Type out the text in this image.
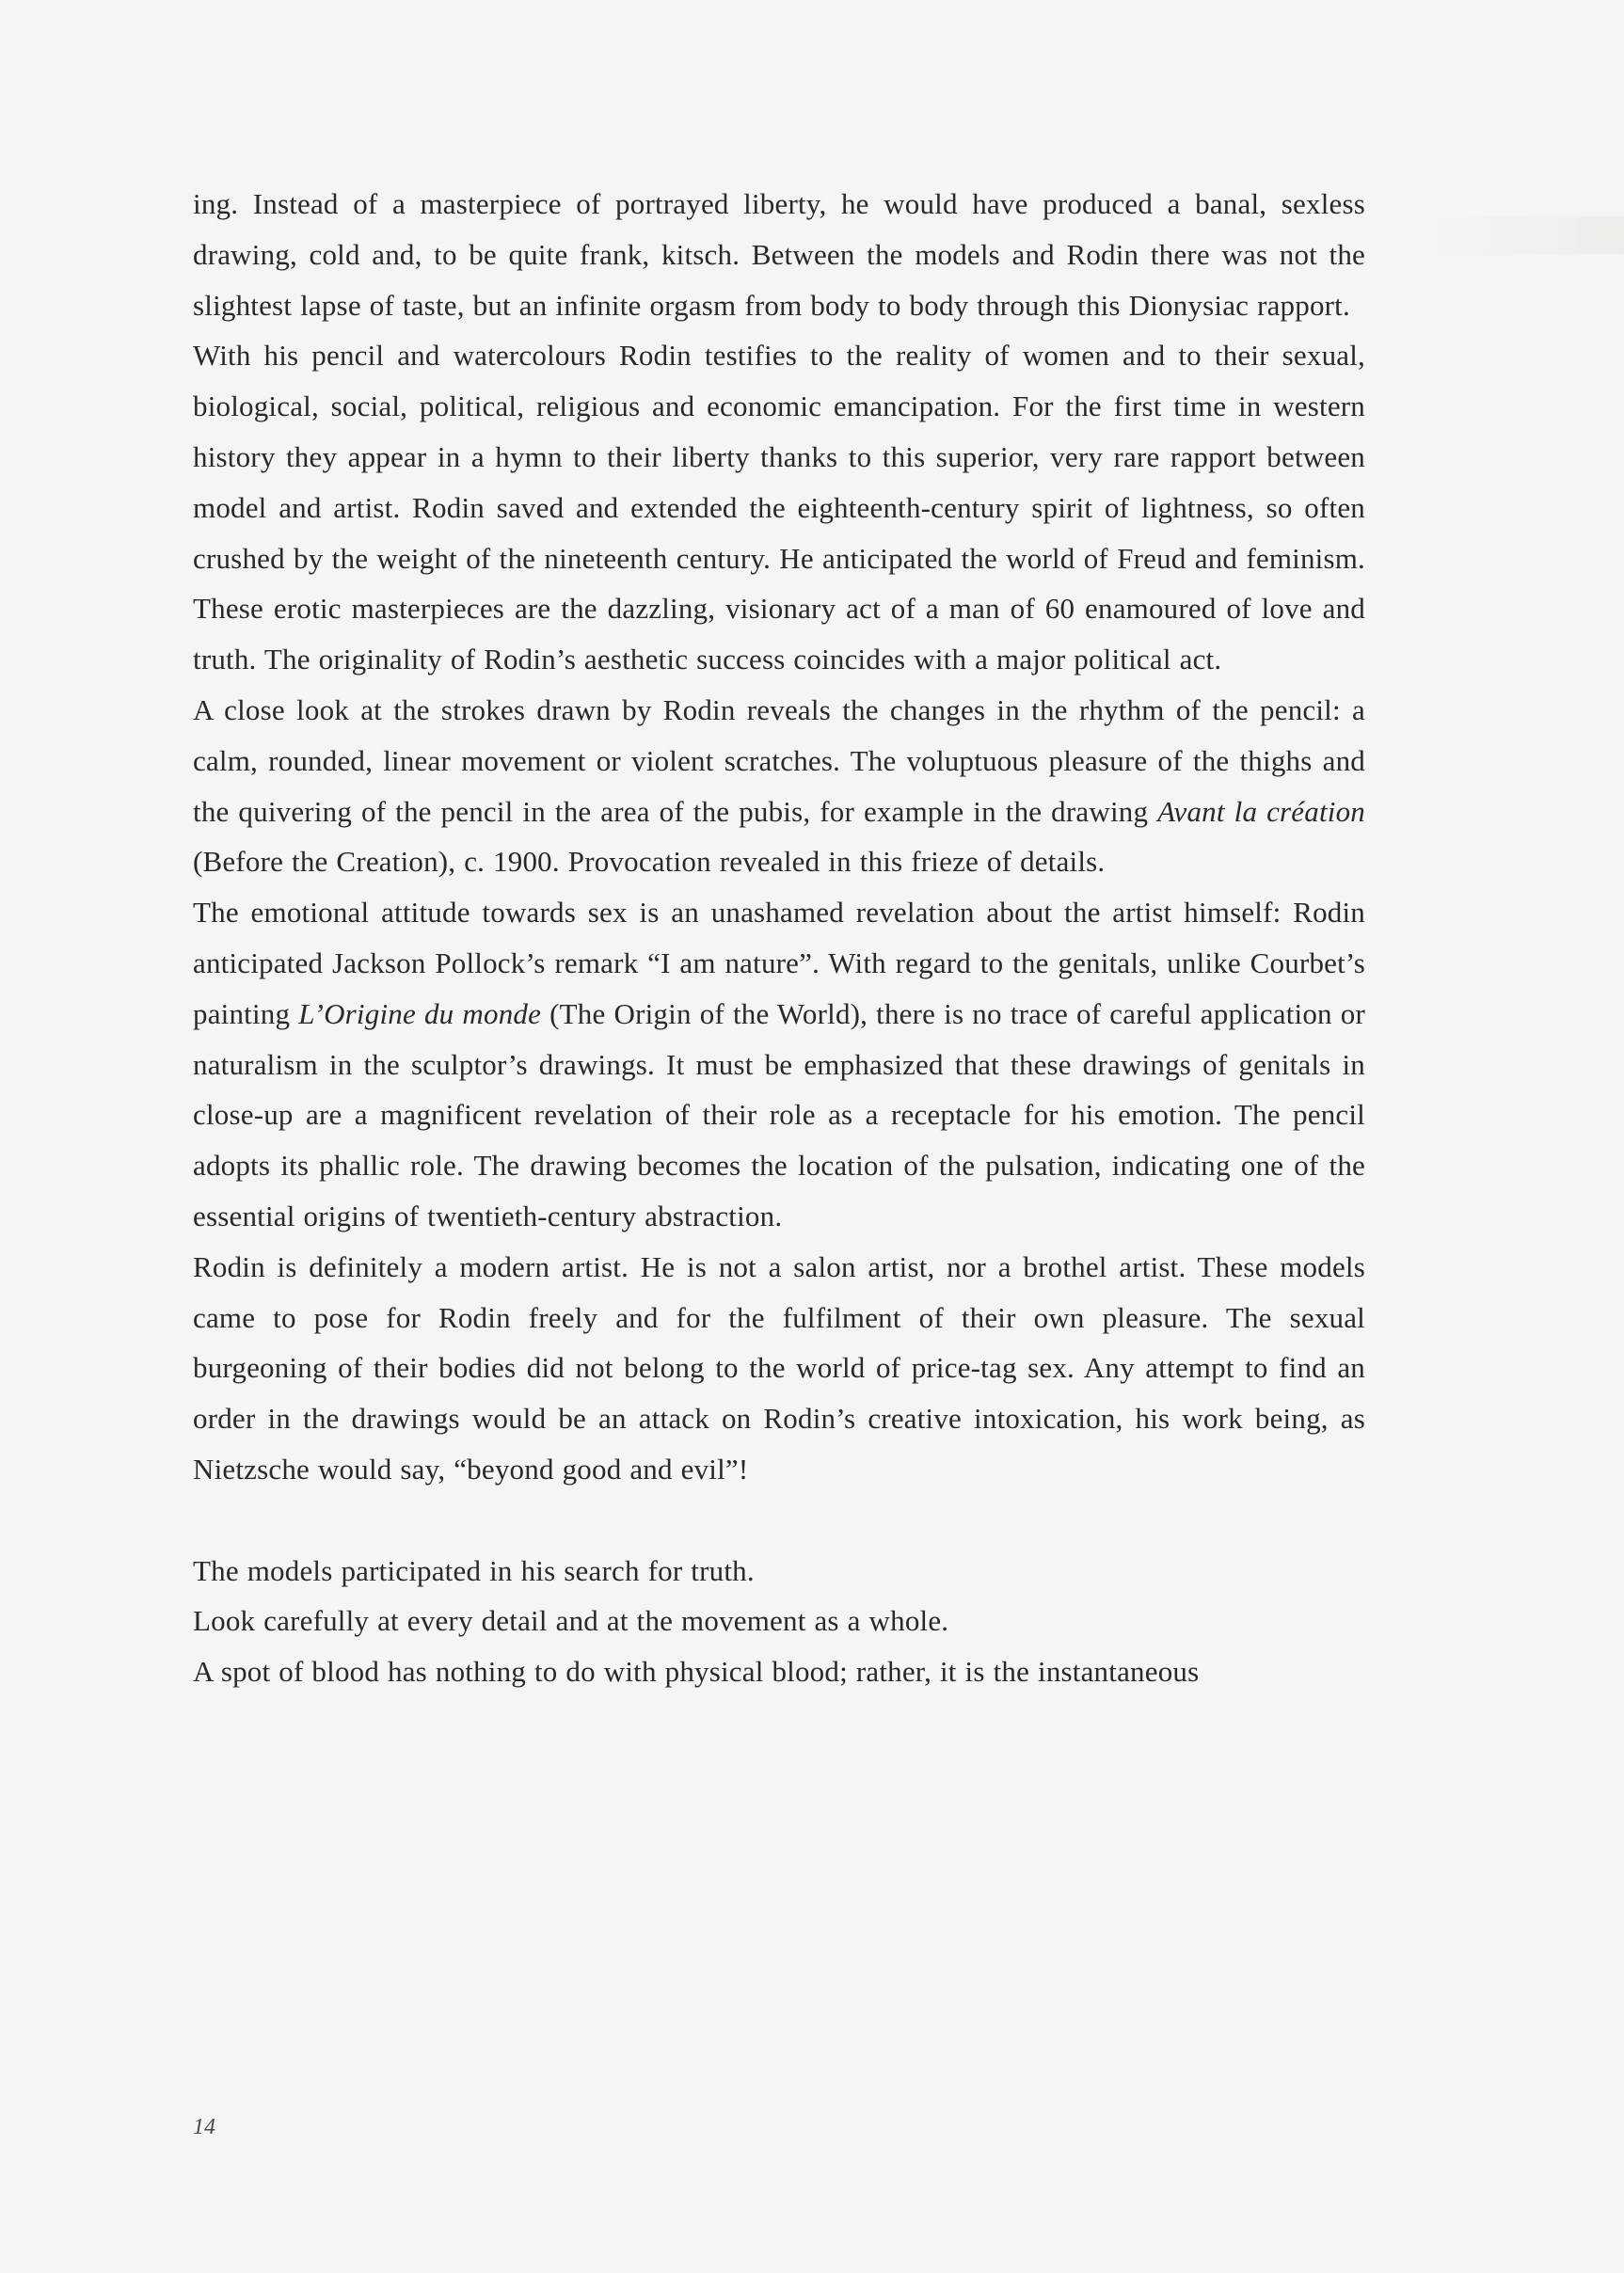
ing. Instead of a masterpiece of portrayed liberty, he would have produced a banal, sexless drawing, cold and, to be quite frank, kitsch. Between the models and Rodin there was not the slightest lapse of taste, but an infinite orgasm from body to body through this Dionysiac rapport.

With his pencil and watercolours Rodin testifies to the reality of women and to their sexual, biological, social, political, religious and economic emancipation. For the first time in western history they appear in a hymn to their liberty thanks to this superior, very rare rapport between model and artist. Rodin saved and extended the eighteenth-century spirit of lightness, so often crushed by the weight of the nineteenth century. He anticipated the world of Freud and feminism. These erotic masterpieces are the dazzling, visionary act of a man of 60 enamoured of love and truth. The originality of Rodin’s aesthetic success coincides with a major political act.

A close look at the strokes drawn by Rodin reveals the changes in the rhythm of the pencil: a calm, rounded, linear movement or violent scratches. The voluptuous pleasure of the thighs and the quivering of the pencil in the area of the pubis, for example in the drawing Avant la création (Before the Creation), c. 1900. Provocation revealed in this frieze of details.

The emotional attitude towards sex is an unashamed revelation about the artist himself: Rodin anticipated Jackson Pollock’s remark “I am nature”. With regard to the genitals, unlike Courbet’s painting L’Origine du monde (The Origin of the World), there is no trace of careful application or naturalism in the sculptor’s drawings. It must be emphasized that these drawings of genitals in close-up are a magnificent revelation of their role as a receptacle for his emotion. The pencil adopts its phallic role. The drawing becomes the location of the pulsation, indicating one of the essential origins of twentieth-century abstraction.

Rodin is definitely a modern artist. He is not a salon artist, nor a brothel artist. These models came to pose for Rodin freely and for the fulfilment of their own pleasure. The sexual burgeoning of their bodies did not belong to the world of price-tag sex. Any attempt to find an order in the drawings would be an attack on Rodin’s creative intoxication, his work being, as Nietzsche would say, “beyond good and evil”!

The models participated in his search for truth.

Look carefully at every detail and at the movement as a whole.

A spot of blood has nothing to do with physical blood; rather, it is the instantaneous

14
